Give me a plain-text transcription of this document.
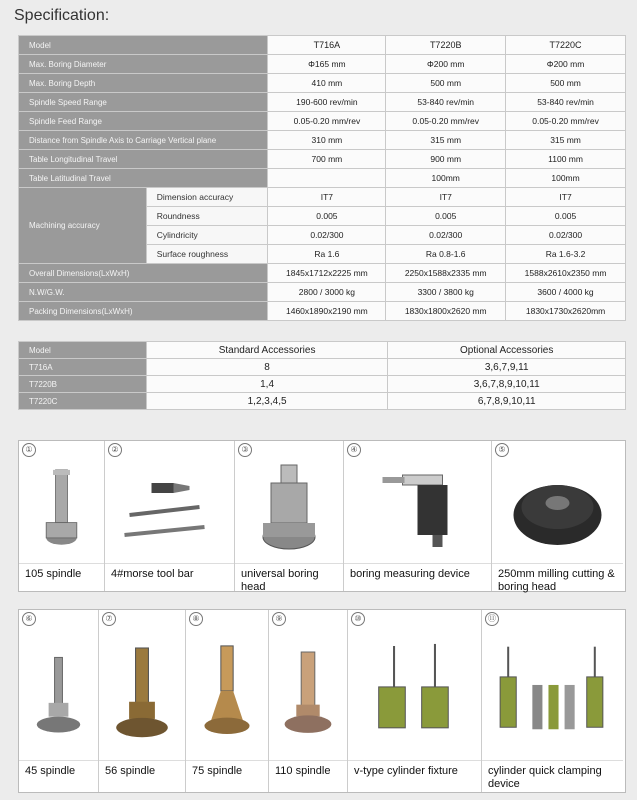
Specification:
Model		T716A	T7220B	T7220C
Max. Boring Diameter		Φ165 mm	Φ200 mm	Φ200 mm
Max. Boring Depth		410 mm	500 mm	500 mm
Spindle Speed Range		190-600 rev/min	53-840 rev/min	53-840 rev/min
Spindle Feed Range		0.05-0.20 mm/rev	0.05-0.20 mm/rev	0.05-0.20 mm/rev
Distance from Spindle Axis to Carriage Vertical plane		310 mm	315 mm	315 mm
Table Longitudinal Travel		700 mm	900 mm	1100 mm
Table Latitudinal Travel			100mm	100mm
Machining accuracy	Dimension accuracy	IT7	IT7	IT7
	Roundness	0.005	0.005	0.005
	Cylindricity	0.02/300	0.02/300	0.02/300
	Surface roughness	Ra 1.6	Ra 0.8-1.6	Ra 1.6-3.2
Overall Dimensions(LxWxH)		1845x1712x2225 mm	2250x1588x2335 mm	1588x2610x2350 mm
N.W/G.W.		2800 / 3000 kg	3300 / 3800 kg	3600 / 4000 kg
Packing Dimensions(LxWxH)		1460x1890x2190 mm	1830x1800x2620 mm	1830x1730x2620mm
Model	Standard Accessories	Optional Accessories
T716A	8	3,6,7,9,11
T7220B	1,4	3,6,7,8,9,10,11
T7220C	1,2,3,4,5	6,7,8,9,10,11
①
105 spindle
②
4#morse tool bar
③
universal boring head
④
boring measuring device
⑤
250mm milling cutting & boring head
⑥
45 spindle
⑦
56 spindle
⑧
75 spindle
⑨
110 spindle
⑩
v-type cylinder fixture
⑪
cylinder quick clamping device
